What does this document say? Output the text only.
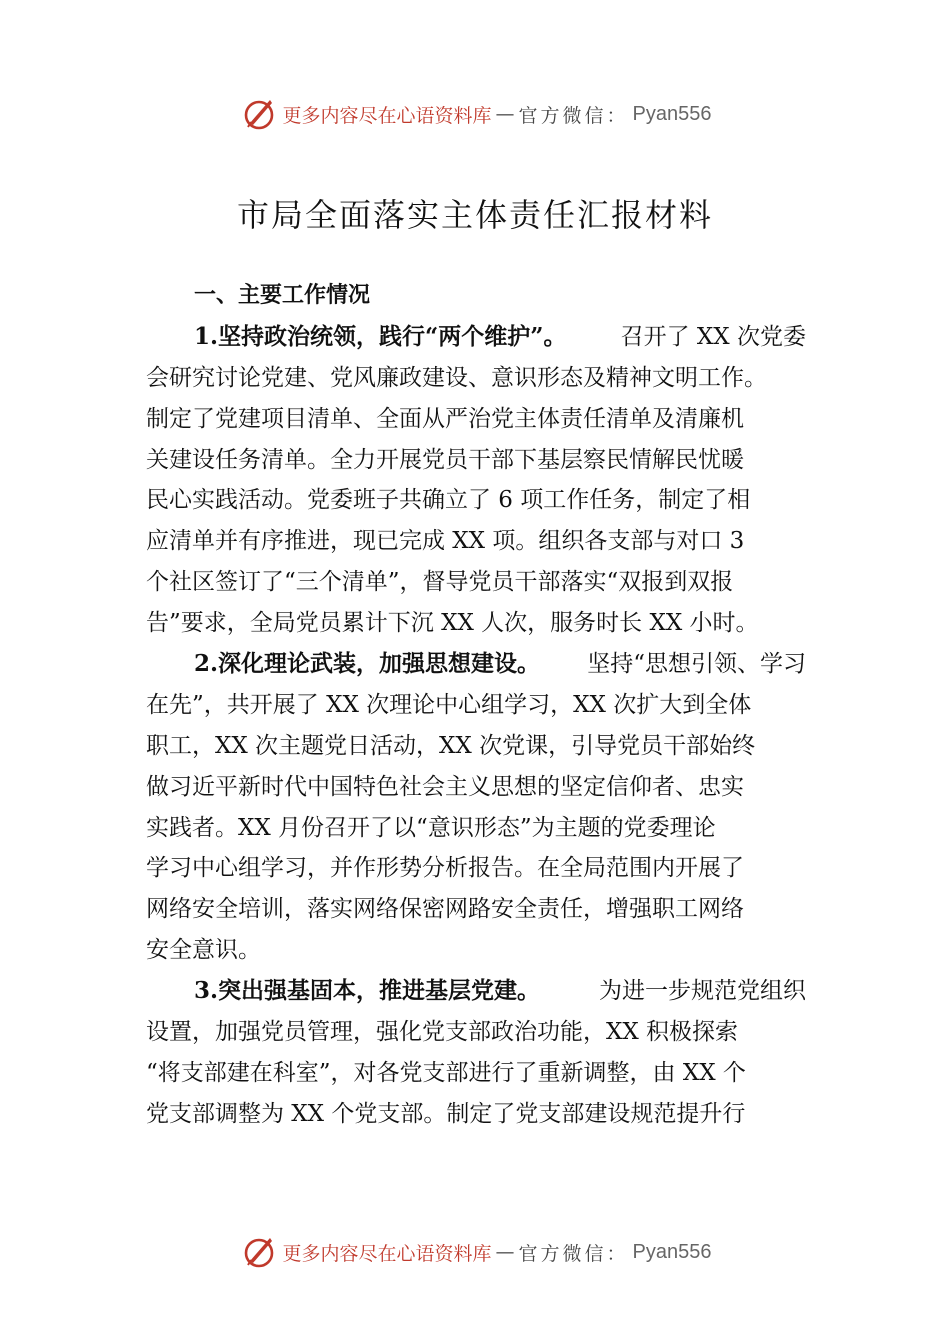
更多内容尽在心语资料库 — 官方微信： Pyan556
市局全面落实主体责任汇报材料
一、主要工作情况
1.坚持政治统领，践行“两个维护”。 召开了 XX 次党委
会研究讨论党建、党风廉政建设、意识形态及精神文明工作。
制定了党建项目清单、全面从严治党主体责任清单及清廉机
关建设任务清单。全力开展党员干部下基层察民情解民忧暖
民心实践活动。党委班子共确立了 6 项工作任务，制定了相
应清单并有序推进，现已完成 XX 项。组织各支部与对口 3
个社区签订了“三个清单”，督导党员干部落实“双报到双报
告”要求，全局党员累计下沉 XX 人次，服务时长 XX 小时。
2.深化理论武装，加强思想建设。 坚持“思想引领、学习
在先”，共开展了 XX 次理论中心组学习，XX 次扩大到全体
职工，XX 次主题党日活动，XX 次党课，引导党员干部始终
做习近平新时代中国特色社会主义思想的坚定信仰者、忠实
实践者。XX 月份召开了以“意识形态”为主题的党委理论
学习中心组学习，并作形势分析报告。在全局范围内开展了
网络安全培训，落实网络保密网路安全责任，增强职工网络
安全意识。
3.突出强基固本，推进基层党建。	为进一步规范党组织
设置，加强党员管理，强化党支部政治功能，XX 积极探索
“将支部建在科室”，对各党支部进行了重新调整，由 XX 个
党支部调整为 XX 个党支部。制定了党支部建设规范提升行
更多内容尽在心语资料库 — 官方微信： Pyan556
